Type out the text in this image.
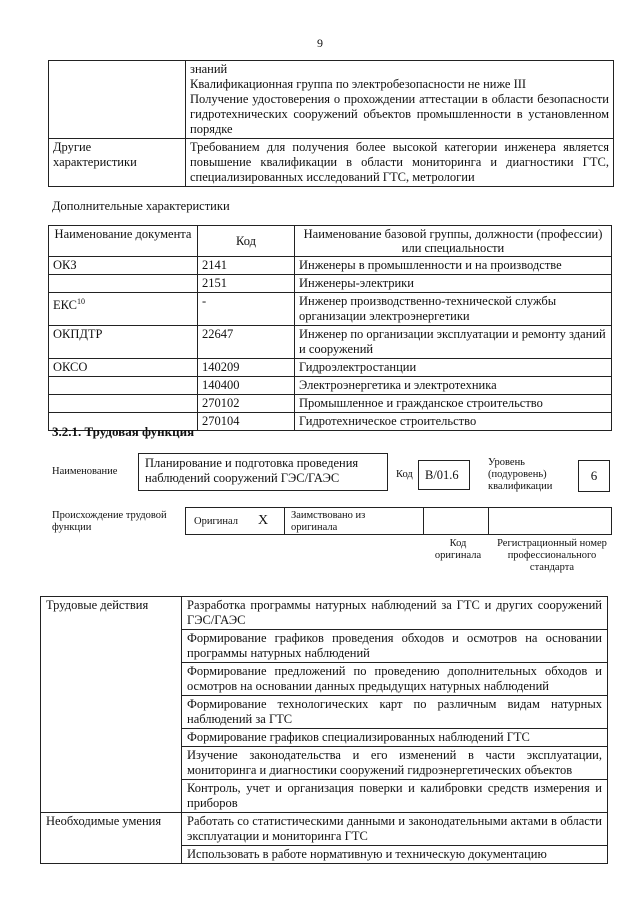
9

	знаний
Квалификационная группа по электробезопасности не ниже III
Получение удостоверения о прохождении аттестации в области безопасности гидротехнических сооружений объектов промышленности в установленном порядке

Другие характеристики	Требованием для получения более высокой категории инженера является повышение квалификации в области мониторинга и диагностики ГТС, специализированных исследований ГТС, метрологии
Дополнительные характеристики
Наименование документа	Код	Наименование базовой группы, должности (профессии) или специальности
ОКЗ	2141	Инженеры в промышленности и на производстве
	2151	Инженеры-электрики
ЕКС$^{10}$	-	Инженер производственно-технической службы организации электроэнергетики
ОКПДТР	22647	Инженер по организации эксплуатации и ремонту зданий и сооружений
ОКСО	140209	Гидроэлектростанции
	140400	Электроэнергетика и электротехника
	270102	Промышленное и гражданское строительство
	270104	Гидротехническое строительство
3.2.1. Трудовая функция
Наименование
Планирование и подготовка проведения наблюдений сооружений ГЭС/ГАЭС	Код B/01.6
Уровень (подуровень) квалификации
6
Происхождение трудовой функции
Оригинал X Заимствовано из оригинала
Код оригинала
Регистрационный номер профессионального стандарта
Трудовые действия	Разработка программы натурных наблюдений за ГТС и других сооружений ГЭС/ГАЭС
	Формирование графиков проведения обходов и осмотров на основании программы натурных наблюдений
	Формирование предложений по проведению дополнительных обходов и осмотров на основании данных предыдущих натурных наблюдений
	Формирование технологических карт по различным видам натурных наблюдений за ГТС
	Формирование графиков специализированных наблюдений ГТС
	Изучение законодательства и его изменений в части эксплуатации, мониторинга и диагностики сооружений гидроэнергетических объектов
	Контроль, учет и организация поверки и калибровки средств измерения и приборов
Необходимые умения	Работать со статистическими данными и законодательными актами в области эксплуатации и мониторинга ГТС
	Использовать в работе нормативную и техническую документацию
